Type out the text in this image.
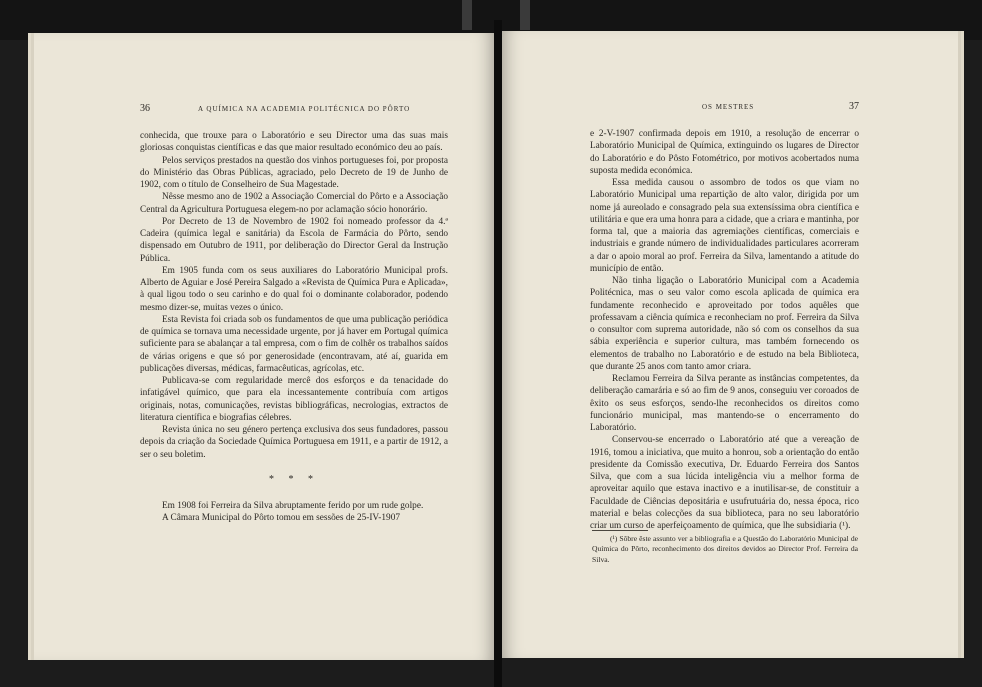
36	A QUÍMICA NA ACADEMIA POLITÉCNICA DO PÔRTO

conhecida, que trouxe para o Laboratório e seu Director uma das suas mais gloriosas conquistas científicas e das que maior resultado económico deu ao país.

Pelos serviços prestados na questão dos vinhos portugueses foi, por proposta do Ministério das Obras Públicas, agraciado, pelo Decreto de 19 de Junho de 1902, com o título de Conselheiro de Sua Magestade.

Nêsse mesmo ano de 1902 a Associação Comercial do Pôrto e a Associação Central da Agricultura Portuguesa elegem-no por aclamação sócio honorário.

Por Decreto de 13 de Novembro de 1902 foi nomeado professor da 4.ª Cadeira (química legal e sanitária) da Escola de Farmácia do Pôrto, sendo dispensado em Outubro de 1911, por deliberação do Director Geral da Instrução Pública.

Em 1905 funda com os seus auxiliares do Laboratório Municipal profs. Alberto de Aguiar e José Pereira Salgado a «Revista de Química Pura e Aplicada», à qual ligou todo o seu carinho e do qual foi o dominante colaborador, podendo mesmo dizer-se, muitas vezes o único.

Esta Revista foi criada sob os fundamentos de que uma publicação periódica de química se tornava uma necessidade urgente, por já haver em Portugal química suficiente para se abalançar a tal empresa, com o fim de colhêr os trabalhos saídos de várias origens e que só por generosidade (encontravam, até aí, guarida em publicações diversas, médicas, farmacêuticas, agrícolas, etc.

Publicava-se com regularidade mercê dos esforços e da tenacidade do infatigável químico, que para ela incessantemente contribuía com artigos originais, notas, comunicações, revistas bibliográficas, necrologias, extractos de literatura científica e biografias célebres.

Revista única no seu género pertença exclusiva dos seus fundadores, passou depois da criação da Sociedade Química Portuguesa em 1911, e a partir de 1912, a ser o seu boletim.

* * *

Em 1908 foi Ferreira da Silva abruptamente ferido por um rude golpe.

A Câmara Municipal do Pôrto tomou em sessões de 25-IV-1907

OS MESTRES	37

e 2-V-1907 confirmada depois em 1910, a resolução de encerrar o Laboratório Municipal de Química, extinguindo os lugares de Director do Laboratório e do Pôsto Fotométrico, por motivos acobertados numa suposta medida económica.

Essa medida causou o assombro de todos os que viam no Laboratório Municipal uma repartição de alto valor, dirigida por um nome já aureolado e consagrado pela sua extensíssima obra científica e utilitária e que era uma honra para a cidade, que a criara e mantinha, por forma tal, que a maioria das agremiações científicas, comerciais e industriais e grande número de individualidades particulares acorreram a dar o apoio moral ao prof. Ferreira da Silva, lamentando a atitude do município de então.

Não tinha ligação o Laboratório Municipal com a Academia Politécnica, mas o seu valor como escola aplicada de química era fundamente reconhecido e aproveitado por todos aquêles que professavam a ciência química e reconheciam no prof. Ferreira da Silva o consultor com suprema autoridade, não só com os conselhos da sua sábia experiência e superior cultura, mas também fornecendo os elementos de trabalho no Laboratório e de estudo na bela Biblioteca, que durante 25 anos com tanto amor criara.

Reclamou Ferreira da Silva perante as instâncias competentes, da deliberação camarária e só ao fim de 9 anos, conseguiu ver coroados de êxito os seus esforços, sendo-lhe reconhecidos os direitos como funcionário municipal, mas mantendo-se o encerramento do Laboratório.

Conservou-se encerrado o Laboratório até que a vereação de 1916, tomou a iniciativa, que muito a honrou, sob a orientação do então presidente da Comissão executiva, Dr. Eduardo Ferreira dos Santos Silva, que com a sua lúcida inteligência viu a melhor forma de aproveitar aquilo que estava inactivo e a inutilisar-se, de constituir a Faculdade de Ciências depositária e usufrutuária do, nessa época, rico material e belas colecções da sua biblioteca, para no seu laboratório criar um curso de aperfeiçoamento de química, que lhe subsidiaria (¹).

(¹) Sôbre êste assunto ver a bibliografia e a Questão do Laboratório Municipal de Química do Pôrto, reconhecimento dos direitos devidos ao Director Prof. Ferreira da Silva.
